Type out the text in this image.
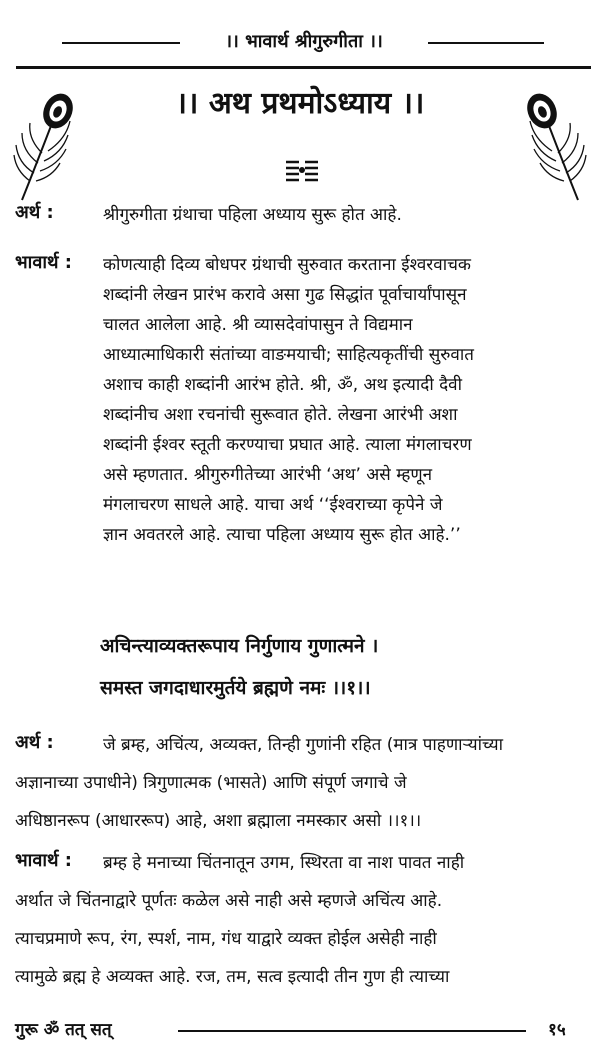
।। भावार्थ श्रीगुरुगीता ।।
।। अथ प्रथमोऽध्याय ।।
अर्थ :	श्रीगुरुगीता ग्रंथाचा पहिला अध्याय सुरू होत आहे.
भावार्थ : कोणत्याही दिव्य बोधपर ग्रंथाची सुरुवात करताना ईश्वरवाचक
शब्दांनी लेखन प्रारंभ करावे असा गुढ सिद्धांत पूर्वाचार्यांपासून
चालत आलेला आहे. श्री व्यासदेवांपासुन ते विद्यमान
आध्यात्माधिकारी संतांच्या वाङमयाची; साहित्यकृतींची सुरुवात
अशाच काही शब्दांनी आरंभ होते. श्री, ॐ, अथ इत्यादी दैवी
शब्दांनीच अशा रचनांची सुरूवात होते. लेखना आरंभी अशा
शब्दांनी ईश्वर स्तूती करण्याचा प्रघात आहे. त्याला मंगलाचरण
असे म्हणतात. श्रीगुरुगीतेच्या आरंभी ‘अथ’ असे म्हणून
मंगलाचरण साधले आहे. याचा अर्थ ‘‘ईश्वराच्या कृपेने जे
ज्ञान अवतरले आहे. त्याचा पहिला अध्याय सुरू होत आहे.’’
अचिन्त्याव्यक्तरूपाय निर्गुणाय गुणात्मने ।
समस्त जगदाधारमुर्तये ब्रह्मणे नमः ।।१।।
अर्थ :	जे ब्रम्ह, अचिंत्य, अव्यक्त, तिन्ही गुणांनी रहित (मात्र पाहणाऱ्यांच्या
अज्ञानाच्या उपाधीने) त्रिगुणात्मक (भासते) आणि संपूर्ण जगाचे जे
अधिष्ठानरूप (आधाररूप) आहे, अशा ब्रह्माला नमस्कार असो ।।१।।
भावार्थ : ब्रम्ह हे मनाच्या चिंतनातून उगम, स्थिरता वा नाश पावत नाही
अर्थात जे चिंतनाद्वारे पूर्णतः कळेल असे नाही असे म्हणजे अचिंत्य आहे.
त्याचप्रमाणे रूप, रंग, स्पर्श, नाम, गंध याद्वारे व्यक्त होईल असेही नाही
त्यामुळे ब्रह्म हे अव्यक्त आहे. रज, तम, सत्व इत्यादी तीन गुण ही त्याच्या
गुरू ॐ तत् सत्	१५
